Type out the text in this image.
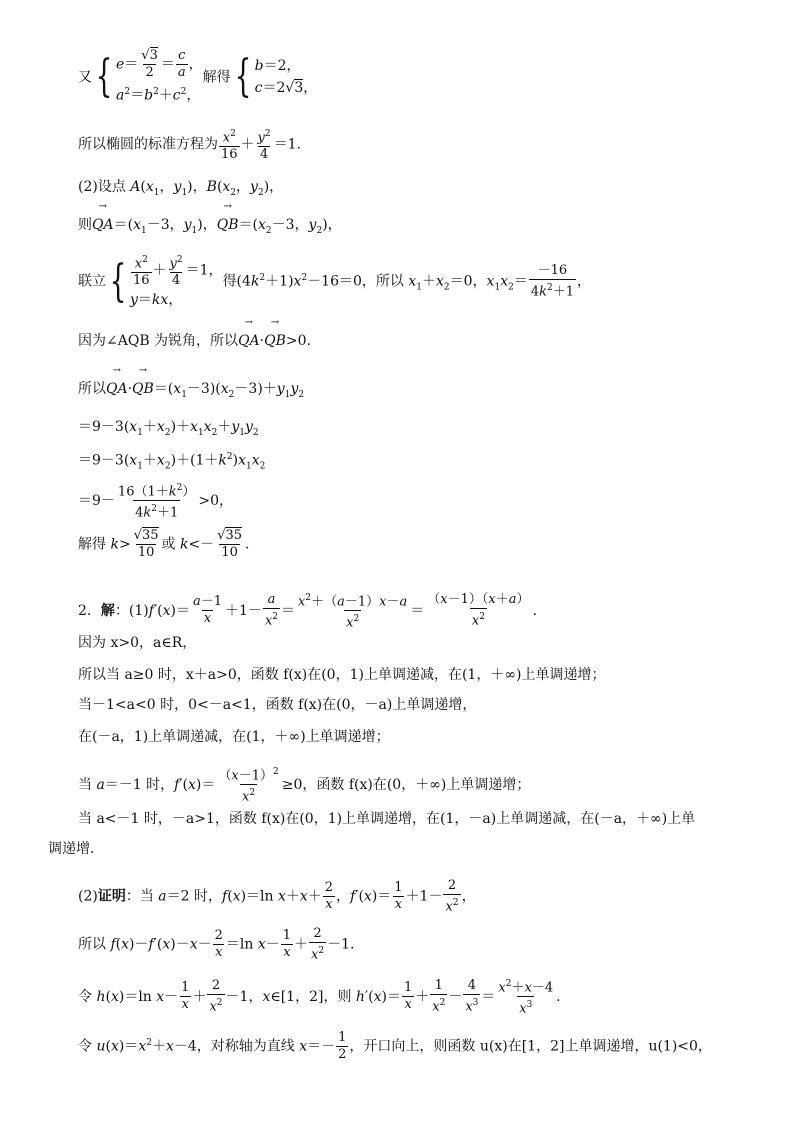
又 { $e= \frac{√3}{2} = \frac{c}{a}$ ，
$a^2=b^2+c^2$，
解得 { b＝2，
c＝2√3，
所以椭圆的标准方程为 $\frac{x^2}{16} + \frac{y^2}{4} =1$.
(2)设点 $A(x_1$，$y_1$)，$B(x_2$，$y_2$)，
则→ $QA=(x_1-3$，$y_1$)，→ $QB=(x_2-3$，$y_2$)，
联立 { $\frac{x^2}{16} + \frac{y^2}{4} =1$，
y＝kx，
得$(4k^2+1)x^2-16=0$，所以 $x_1+x_2=0$，$x_1x_2= \frac{-16}{4k^2+1}$ ，
因为∠AQB 为锐角，所以→ QA·→ QB>0.
所以→ $QA\cdot\to QB=(x_1-3)(x_2-3)+y_1y_2$
$=9-3(x_1+x_2)+x_1x_2+y_1y_2$
$=9-3(x_1+x_2)+(1+k^2)x_1x_2$
$=9- \frac{16(1+k^2)}{4k^2+1} >0$，
解得 $k> \frac{√35}{10}$ 或 $k<- \frac{√35}{10}$ .
2．解：$(1)f'(x)= \frac{a-1}{x} +1- \frac{a}{x^2} = \frac{x^2+(a-1)x-a}{x^2} = \frac{(x-1)(x+a)}{x^2}$ .
因为 x>0，a∈R，
所以当 a≥0 时，x＋a>0，函数 f(x)在(0，1)上单调递减，在(1，＋∞)上单调递增；
当－1<a<0 时，0<－a<1，函数 f(x)在(0，－a)上单调递增，
在(－a，1)上单调递减，在(1，＋∞)上单调递增；
当 a＝－1 时，$f'(x)= \frac{(x-1)^2}{x^2} \ge 0$，函数 f(x)在(0，＋∞)上单调递增；
当 a<－1 时，－a>1，函数 f(x)在(0，1)上单调递增，在(1，－a)上单调递减，在(－a，＋∞)上单
调递增．
(2)证明：当 a＝2 时，f(x)＝ln $x+x+ \frac{2}{x}$ ，$f'(x)= \frac{1}{x} +1- \frac{2}{x^2}$ ，
所以 $f(x)-f'(x)-x- \frac{2}{x} =\ln$ $x- \frac{1}{x} + \frac{2}{x^2} -1$.
令 h(x)＝ln $x- \frac{1}{x} + \frac{2}{x^2} -1$，x∈[1，2]，则 $h'(x)= \frac{1}{x} + \frac{1}{x^2} - \frac{4}{x^3} = \frac{x^2+x-4}{x^3}$ .
令 $u(x)=x^2+x-4$，对称轴为直线 $x=- \frac{1}{2}$ ，开口向上，则函数 u(x)在[1，2]上单调递增，u(1)<0，
